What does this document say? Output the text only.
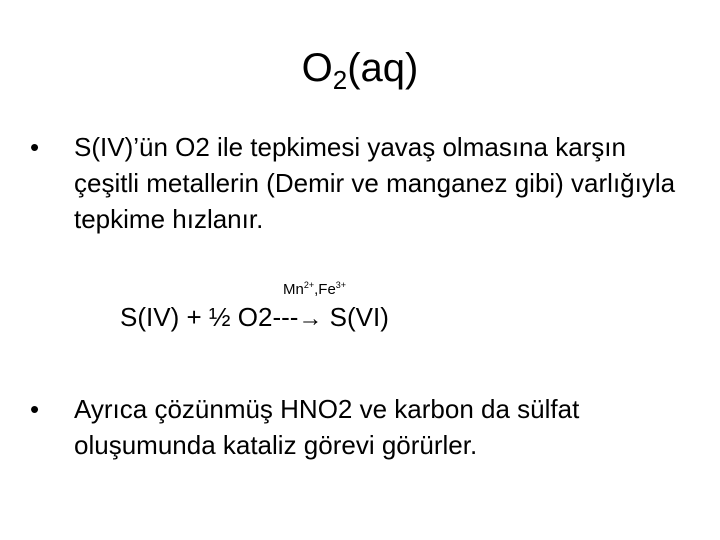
$O_2(aq)$
•	S(IV)’ün O2 ile tepkimesi yavaş olmasına karşın çeşitli metallerin (Demir ve manganez gibi) varlığıyla tepkime hızlanır.
$Mn^{2+},Fe^{3+}$
S(IV) + ½ O2---→ S(VI)
•	Ayrıca çözünmüş HNO2 ve karbon da sülfat oluşumunda kataliz görevi görürler.
